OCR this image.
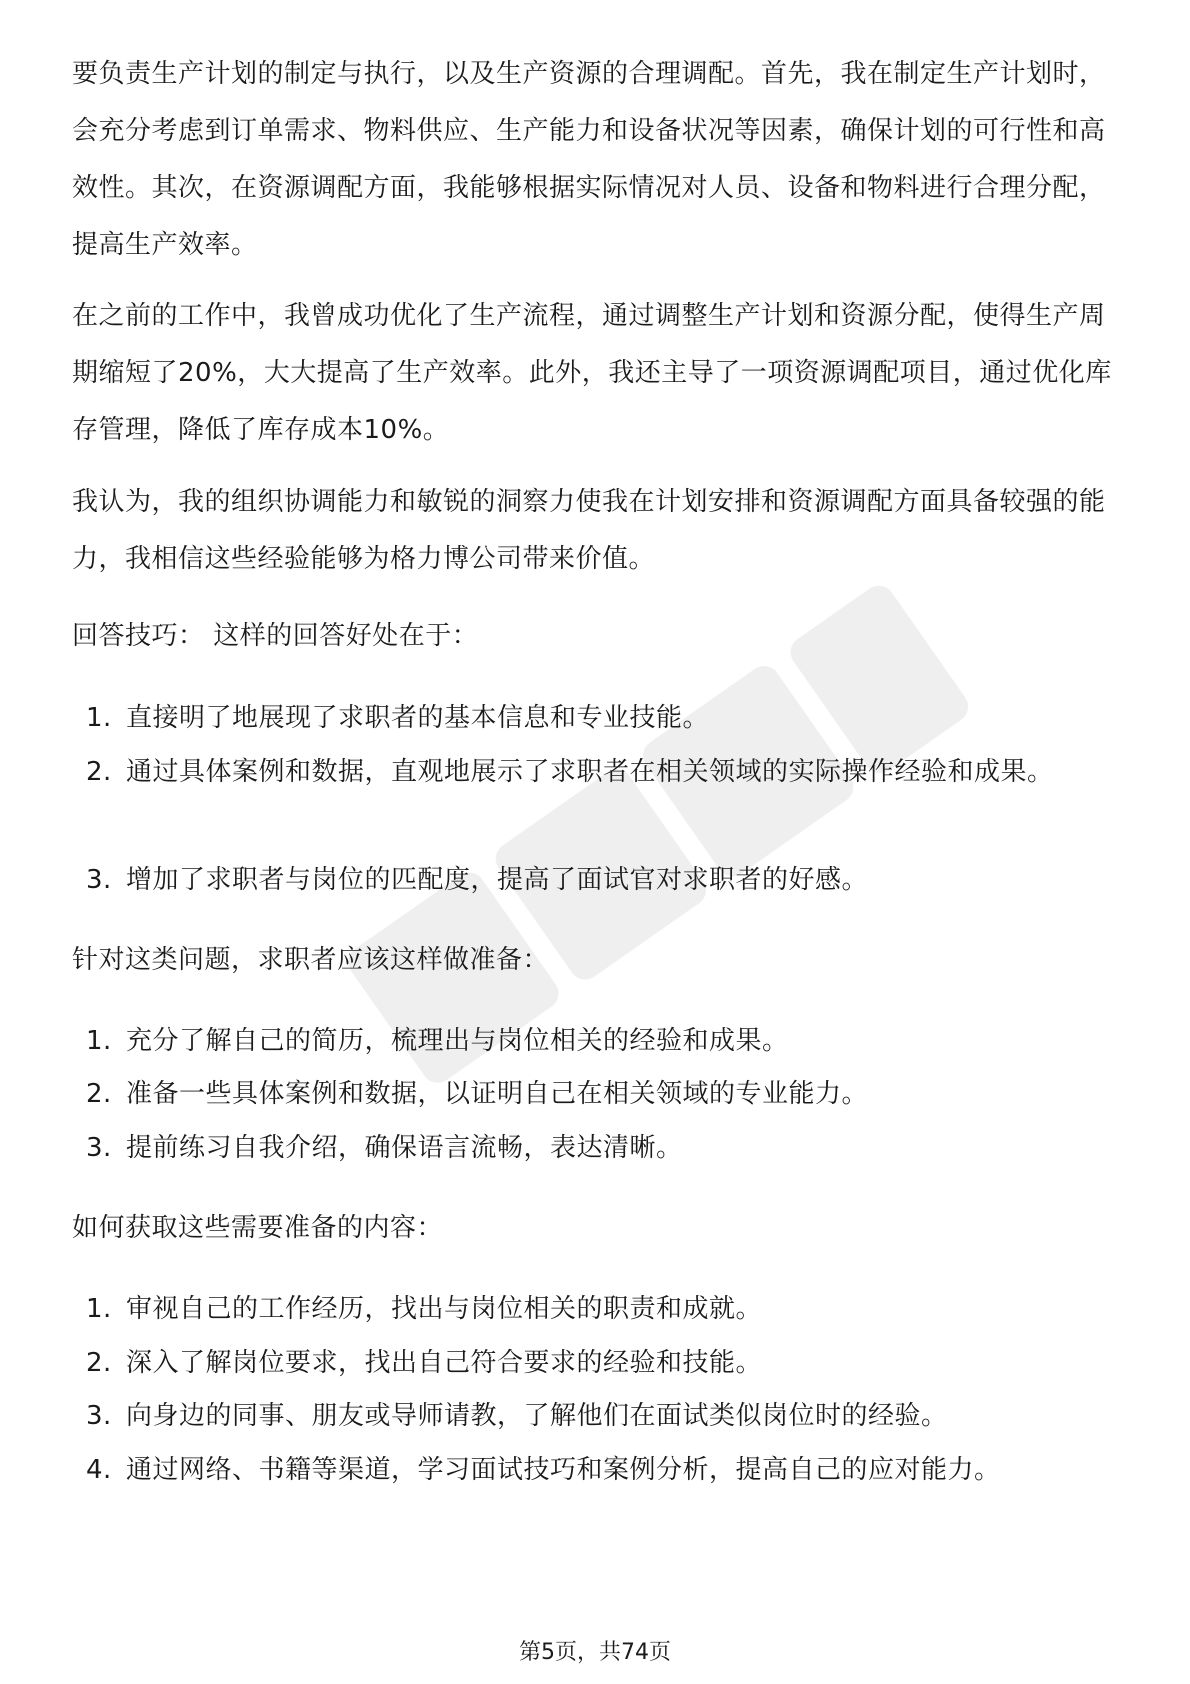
要负责生产计划的制定与执行，以及生产资源的合理调配。首先，我在制定生产计划时，会充分考虑到订单需求、物料供应、生产能力和设备状况等因素，确保计划的可行性和高效性。其次，在资源调配方面，我能够根据实际情况对人员、设备和物料进行合理分配，提高生产效率。

在之前的工作中，我曾成功优化了生产流程，通过调整生产计划和资源分配，使得生产周期缩短了20%，大大提高了生产效率。此外，我还主导了一项资源调配项目，通过优化库存管理，降低了库存成本10%。

我认为，我的组织协调能力和敏锐的洞察力使我在计划安排和资源调配方面具备较强的能力，我相信这些经验能够为格力博公司带来价值。

回答技巧： 这样的回答好处在于：

1. 直接明了地展现了求职者的基本信息和专业技能。
2. 通过具体案例和数据，直观地展示了求职者在相关领域的实际操作经验和成果。
3. 增加了求职者与岗位的匹配度，提高了面试官对求职者的好感。

针对这类问题，求职者应该这样做准备：

1. 充分了解自己的简历，梳理出与岗位相关的经验和成果。
2. 准备一些具体案例和数据，以证明自己在相关领域的专业能力。
3. 提前练习自我介绍，确保语言流畅，表达清晰。

如何获取这些需要准备的内容：

1. 审视自己的工作经历，找出与岗位相关的职责和成就。
2. 深入了解岗位要求，找出自己符合要求的经验和技能。
3. 向身边的同事、朋友或导师请教，了解他们在面试类似岗位时的经验。
4. 通过网络、书籍等渠道，学习面试技巧和案例分析，提高自己的应对能力。
第5页，共74页
